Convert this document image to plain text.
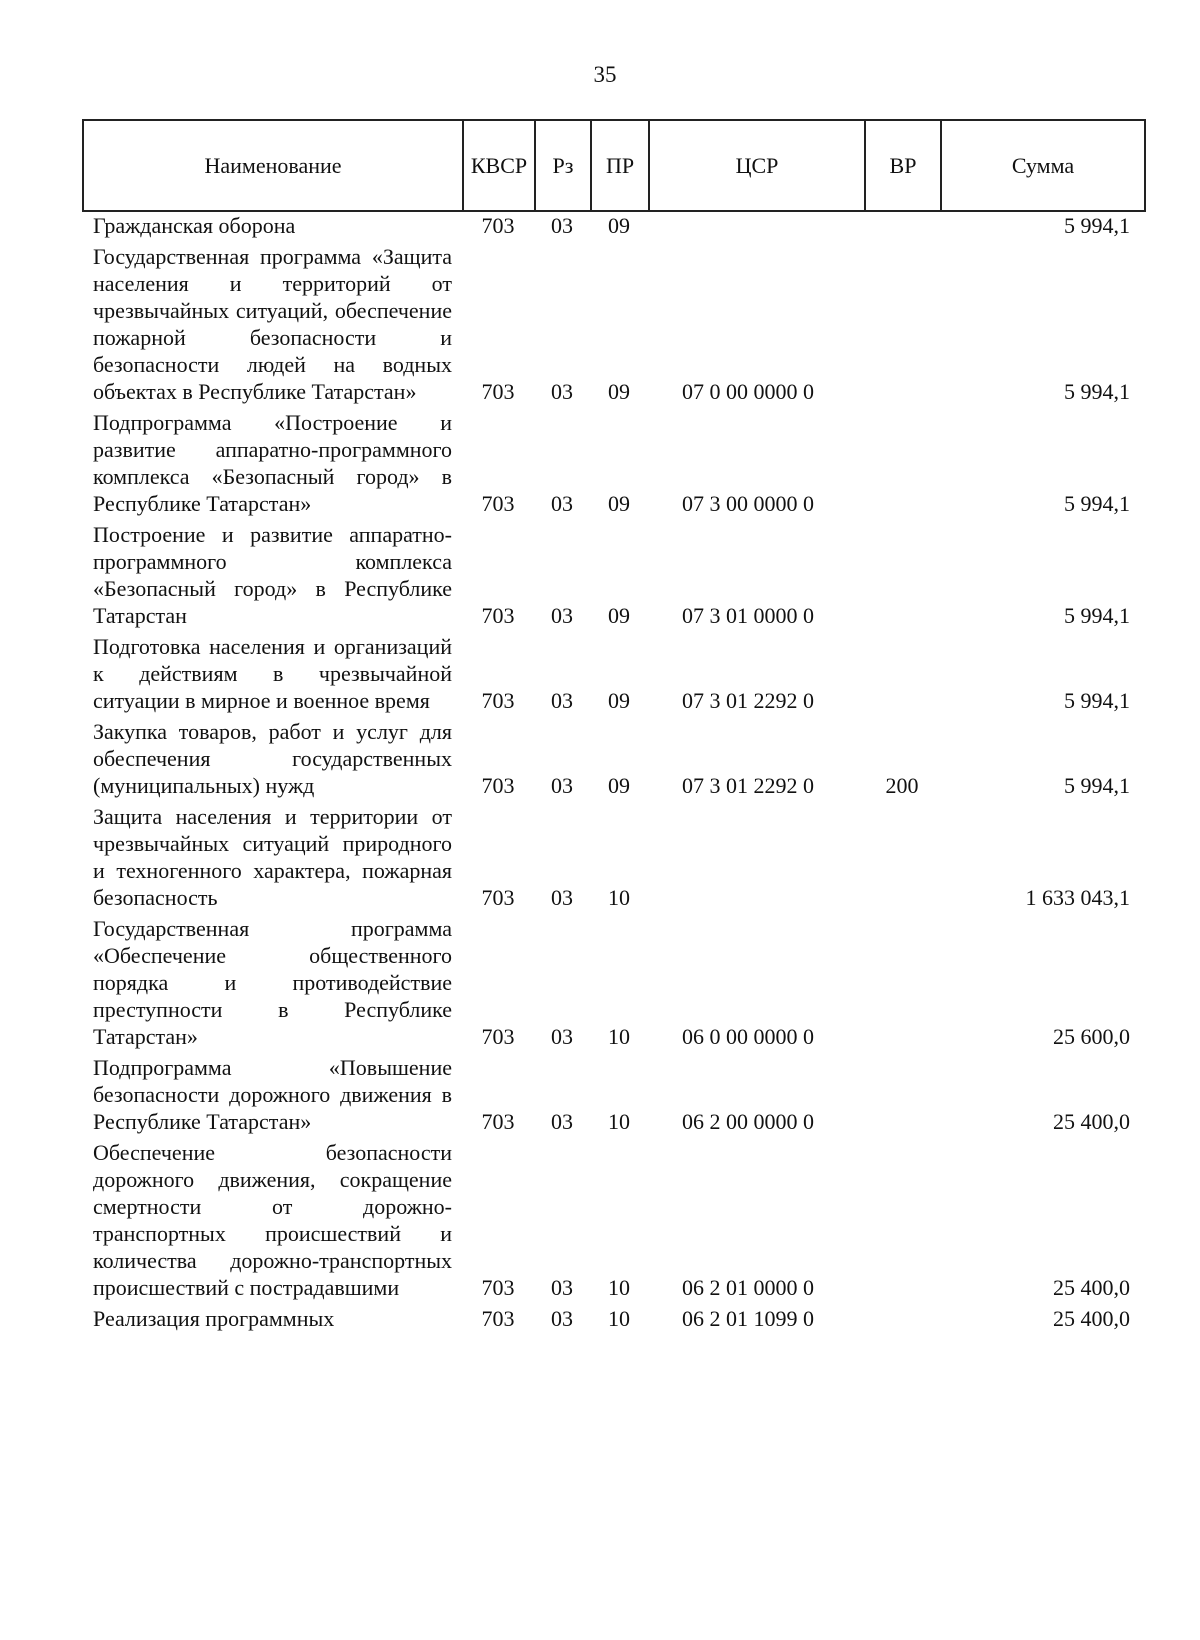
35
Наименование	КВСР	Рз	ПР	ЦСР	ВР	Сумма
Гражданская оборона	703	03	09			5 994,1
Государственная программа «Защита населения и территорий от чрезвычайных ситуаций, обеспечение пожарной безопасности и безопасности людей на водных объектах в Республике Татарстан»	703	03	09	07 0 00 0000 0		5 994,1
Подпрограмма «Построение и развитие аппаратно-программного комплекса «Безопасный город» в Республике Татарстан»	703	03	09	07 3 00 0000 0		5 994,1
Построение и развитие аппаратно-программного комплекса «Безопасный город» в Республике Татарстан	703	03	09	07 3 01 0000 0		5 994,1
Подготовка населения и организаций к действиям в чрезвычайной ситуации в мирное и военное время	703	03	09	07 3 01 2292 0		5 994,1
Закупка товаров, работ и услуг для обеспечения государственных (муниципальных) нужд	703	03	09	07 3 01 2292 0	200	5 994,1
Защита населения и территории от чрезвычайных ситуаций природного и техногенного характера, пожарная безопасность	703	03	10			1 633 043,1
Государственная программа «Обеспечение общественного порядка и противодействие преступности в Республике Татарстан»	703	03	10	06 0 00 0000 0		25 600,0
Подпрограмма «Повышение безопасности дорожного движения в Республике Татарстан»	703	03	10	06 2 00 0000 0		25 400,0
Обеспечение безопасности дорожного движения, сокращение смертности от дорожно-транспортных происшествий и количества дорожно-транспортных происшествий с пострадавшими	703	03	10	06 2 01 0000 0		25 400,0
Реализация программных	703	03	10	06 2 01 1099 0		25 400,0
